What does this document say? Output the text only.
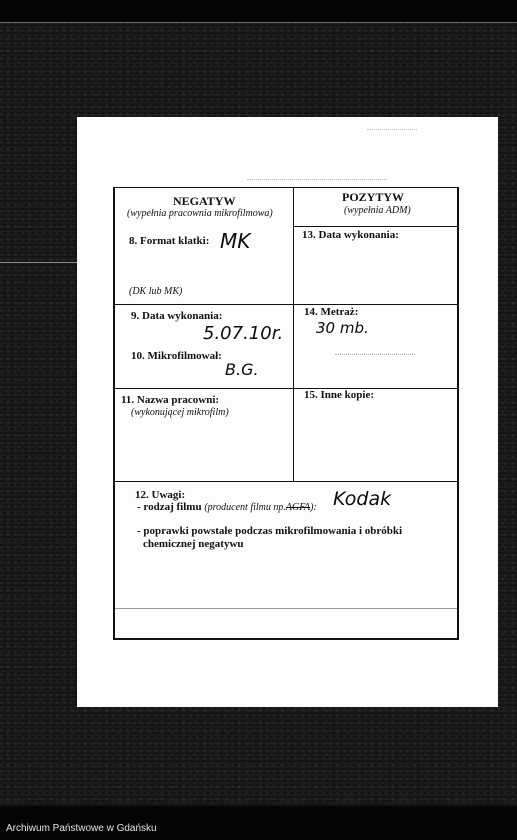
Archiwum Państwowe w Gdańsku
NEGATYW
(wypełnia pracownia mikrofilmowa)
POZYTYW
(wypełnia ADM)
8. Format klatki: MK
(DK lub MK)
13. Data wykonania:
9. Data wykonania:
5.07.10r.
10. Mikrofilmował:
B.G.
14. Metraż:
30 mb.
11. Nazwa pracowni:
(wykonującej mikrofilm)
15. Inne kopie:
12. Uwagi:
- rodzaj filmu (producent filmu np.AGFA): Kodak
- poprawki powstałe podczas mikrofilmowania i obróbki
chemicznej negatywu
